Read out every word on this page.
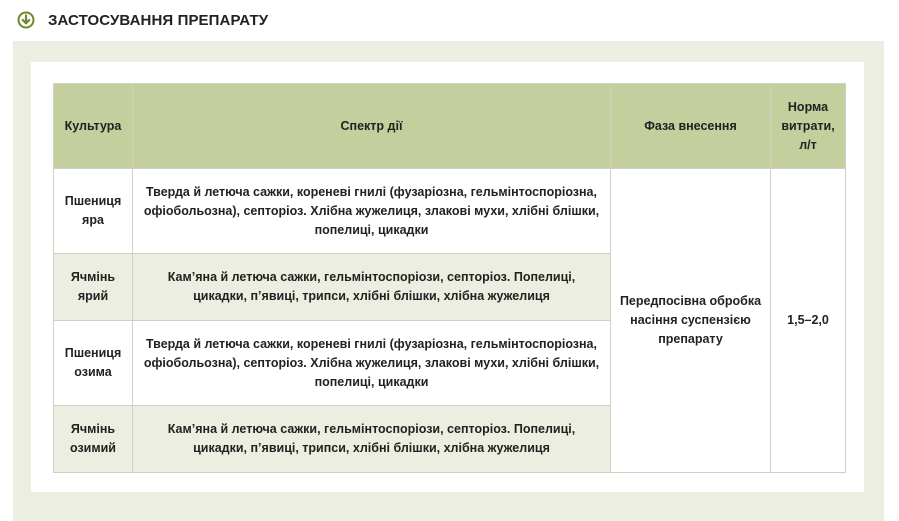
ЗАСТОСУВАННЯ ПРЕПАРАТУ
Культура	Спектр дії	Фаза внесення	Норма витрати, л/т
Пшениця яра	Тверда й летюча сажки, кореневі гнилі (фузаріозна, гельмінтоспоріозна, офіобольозна), септоріоз. Хлібна жужелиця, злакові мухи, хлібні блішки, попелиці, цикадки	Передпосівна обробка насіння суспензією препарату	1,5–2,0
Ячмінь ярий	Кам’яна й летюча сажки, гельмінтоспоріози, септоріоз. Попелиці, цикадки, п’явиці, трипси, хлібні блішки, хлібна жужелиця		
Пшениця озима	Тверда й летюча сажки, кореневі гнилі (фузаріозна, гельмінтоспоріозна, офіобольозна), септоріоз. Хлібна жужелиця, злакові мухи, хлібні блішки, попелиці, цикадки		
Ячмінь озимий	Кам’яна й летюча сажки, гельмінтоспоріози, септоріоз. Попелиці, цикадки, п’явиці, трипси, хлібні блішки, хлібна жужелиця		
